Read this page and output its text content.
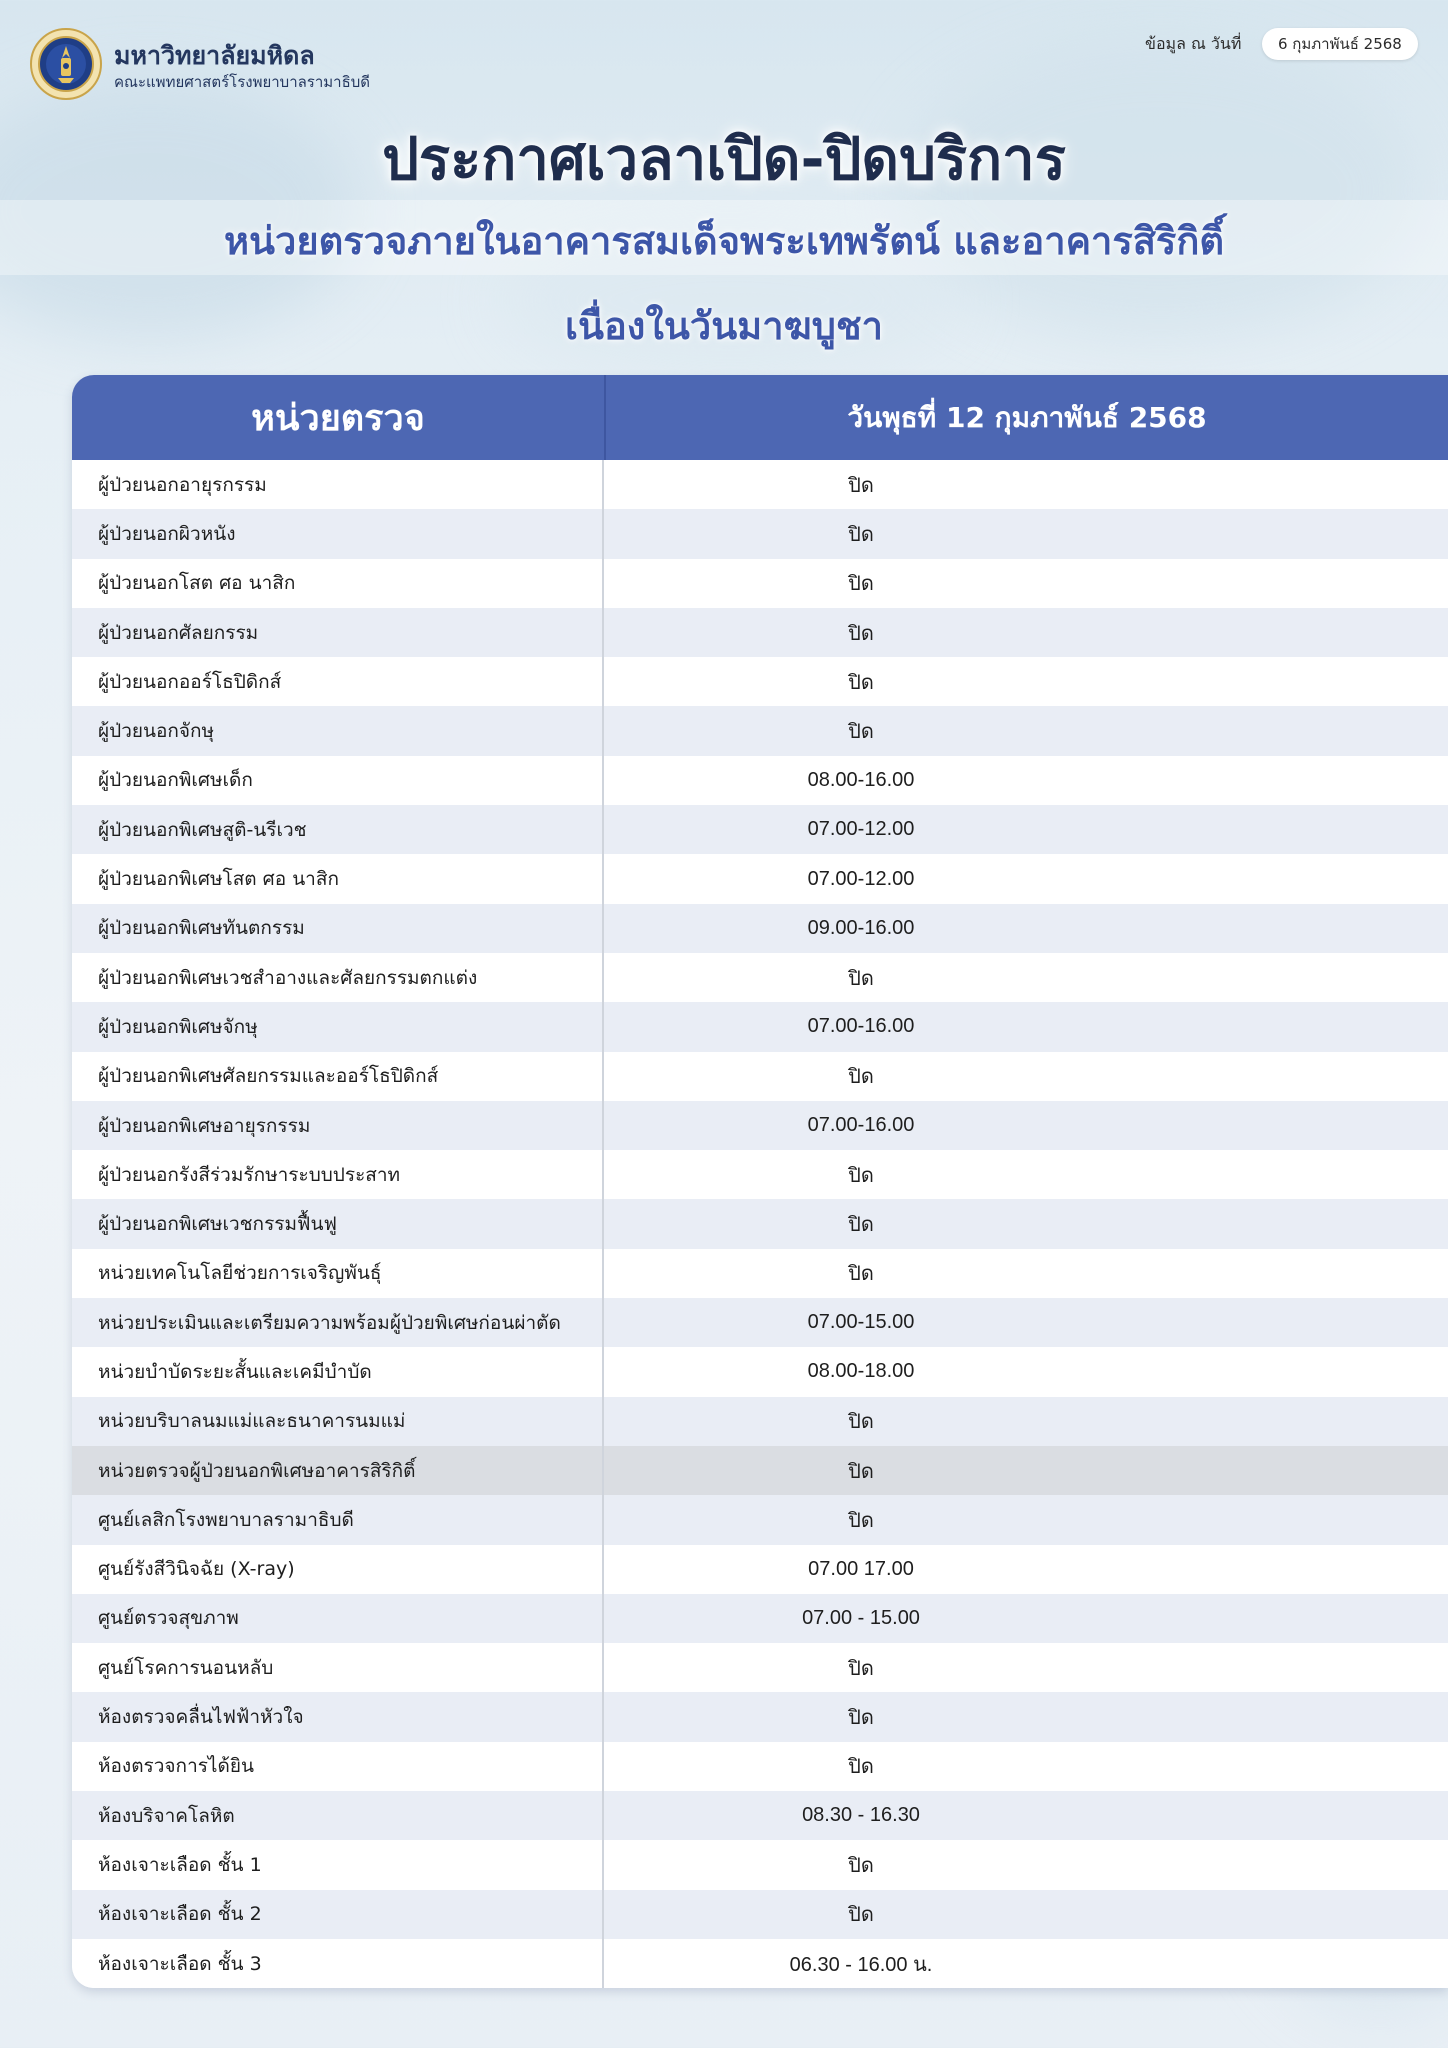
มหาวิทยาลัยมหิดล
คณะแพทยศาสตร์โรงพยาบาลรามาธิบดี
ข้อมูล ณ วันที่	6 กุมภาพันธ์ 2568
ประกาศเวลาเปิด-ปิดบริการ
หน่วยตรวจภายในอาคารสมเด็จพระเทพรัตน์ และอาคารสิริกิติ์
เนื่องในวันมาฆบูชา
หน่วยตรวจ	วันพุธที่ 12 กุมภาพันธ์ 2568
ผู้ป่วยนอกอายุรกรรม	ปิด
ผู้ป่วยนอกผิวหนัง	ปิด
ผู้ป่วยนอกโสต ศอ นาสิก	ปิด
ผู้ป่วยนอกศัลยกรรม	ปิด
ผู้ป่วยนอกออร์โธปิดิกส์	ปิด
ผู้ป่วยนอกจักษุ	ปิด
ผู้ป่วยนอกพิเศษเด็ก	08.00-16.00
ผู้ป่วยนอกพิเศษสูติ-นรีเวช	07.00-12.00
ผู้ป่วยนอกพิเศษโสต ศอ นาสิก	07.00-12.00
ผู้ป่วยนอกพิเศษทันตกรรม	09.00-16.00
ผู้ป่วยนอกพิเศษเวชสำอางและศัลยกรรมตกแต่ง	ปิด
ผู้ป่วยนอกพิเศษจักษุ	07.00-16.00
ผู้ป่วยนอกพิเศษศัลยกรรมและออร์โธปิดิกส์	ปิด
ผู้ป่วยนอกพิเศษอายุรกรรม	07.00-16.00
ผู้ป่วยนอกรังสีร่วมรักษาระบบประสาท	ปิด
ผู้ป่วยนอกพิเศษเวชกรรมฟื้นฟู	ปิด
หน่วยเทคโนโลยีช่วยการเจริญพันธุ์	ปิด
หน่วยประเมินและเตรียมความพร้อมผู้ป่วยพิเศษก่อนผ่าตัด	07.00-15.00
หน่วยบำบัดระยะสั้นและเคมีบำบัด	08.00-18.00
หน่วยบริบาลนมแม่และธนาคารนมแม่	ปิด
หน่วยตรวจผู้ป่วยนอกพิเศษอาคารสิริกิติ์	ปิด
ศูนย์เลสิกโรงพยาบาลรามาธิบดี	ปิด
ศูนย์รังสีวินิจฉัย (X-ray)	07.00 17.00
ศูนย์ตรวจสุขภาพ	07.00 - 15.00
ศูนย์โรคการนอนหลับ	ปิด
ห้องตรวจคลื่นไฟฟ้าหัวใจ	ปิด
ห้องตรวจการได้ยิน	ปิด
ห้องบริจาคโลหิต	08.30 - 16.30
ห้องเจาะเลือด ชั้น 1	ปิด
ห้องเจาะเลือด ชั้น 2	ปิด
ห้องเจาะเลือด ชั้น 3	06.30 - 16.00 น.
